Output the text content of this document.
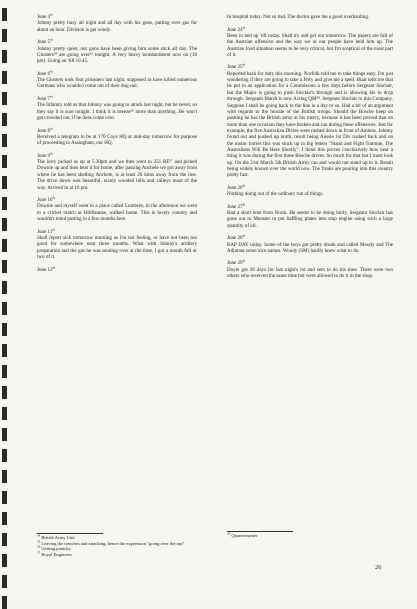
June 4th

Johnny pretty busy all night and all day with his guns, putting over gas for about an hour. Division is get windy.

June 5th

Johnny pretty quiet, our guns have been giving him some stick all day. The Glosters³⁴ are going over³⁵ tonight. A very heavy bombardment now on (10 pm). Going on 'till 10.45.

June 6th

The Glosters took four prisoners last night, supposed to have killed numerous Germans who wouldn't come out of their dug-out.

June 7th

The Infantry told us that Johnny was going to attack last night, but he never, so they say it is sure tonight. I think it is breeze³⁶ more than anything. He won't get crowded out, if he does come over.

June 8th

Received a telegram to be at 170 Coys HQ at mid-day tomorrow for purpose of proceeding to Assingham, our HQ.

June 9th

The lorry picked us up at 5.30pm and we then went to 251 RE³⁷ and picked Downie up and then beat it for home, after passing Anchele we got away from where he has been shelling Anchele, is at least 20 klms away from the line. The drive down was beautiful, nicely wooded hills and valleys most of the way. Arrived in at 10 pm.

June 10th

Downie and myself went to a place called Lumbres, in the afternoon we went to a cricket match at Hillfleanse, walked home. This is lovely country and wouldn't mind putting in a few months here.

June 11th

Shall report sick tomorrow morning as I'm not feeling, or have not been too good for somewhere near three months. What with Johnny's artillery preparation and the gas he was sending over at the time, I got a month full or two of it.

June 12th

In hospital today. Not so bad. The doctor gave me a good overhauling.

June 24th

Been in bed up 'till today. Shall try and get out tomorrow. The papers are full of the Austrian offensive and the way we or our people have held him up. The Austrian food situation seems to be very critical, but I'm sceptical of the most part of it.

June 25th

Reported back for duty this morning. Norfolk told me to take things easy. I'm just wondering if they are going to take a Jerry and give me a spell. Blair tells me that he put in an application for a Commission a few days before Sergeant Sinclair, but the Major is going to push Sinclair's through and is allowing his to drop through. Sergeant Marsh is now Acting QM³⁸. Sergeant Sinclair to this Company. Suppose I shall be going back to the line in a day or so. Had a bit of an argument with regards to the morale of the British troops. Should the Bosche keep on pushing he has the British army at his mercy, because it has been proved that on more than one occasion they have broken and run during these offensives. Just for example, the five Australian Divies were rushed down in front of Amiens. Johnny found out and pushed up north, result being Aussie 1st Div rushed back and on the motor lorries this was stuck up in big letters "Stand and Fight Tommie, The Australians Will Be Here Shortly". I think this proves conclusively how near a thing it was during the first three Bosche drives. So much for that but I must look up. On the 21st March 5th British Army ran and would not stand up to it. Result being widely known over the world now. The Yanks are pouring into this country pretty fast.

June 26th

Nothing doing out of the ordinary run of things.

June 27th

Had a short note from Norm. He seems to be doing fairly. Sergeant Sinclair has gone out to Munster to put baffling plates into stop engine using such a large quantity of oil.

June 28th

RAP DAY today. Some of the boys got pretty drunk and called Moody and The Adjutant some nice names. Woody (SM) hardly knew what to do.

June 29th

Doyle got 28 days for last night's lot and sent to do his time. There were two others who received the same time but were allowed to do it in the shop.

$^{34}$ British Army Unit

$^{35}$ Leaving the trenches and attacking, hence the expression "going over the top"

$^{36}$ Getting panicky

$^{37}$ Royal Engineers

$^{38}$ Quartermaster

26
